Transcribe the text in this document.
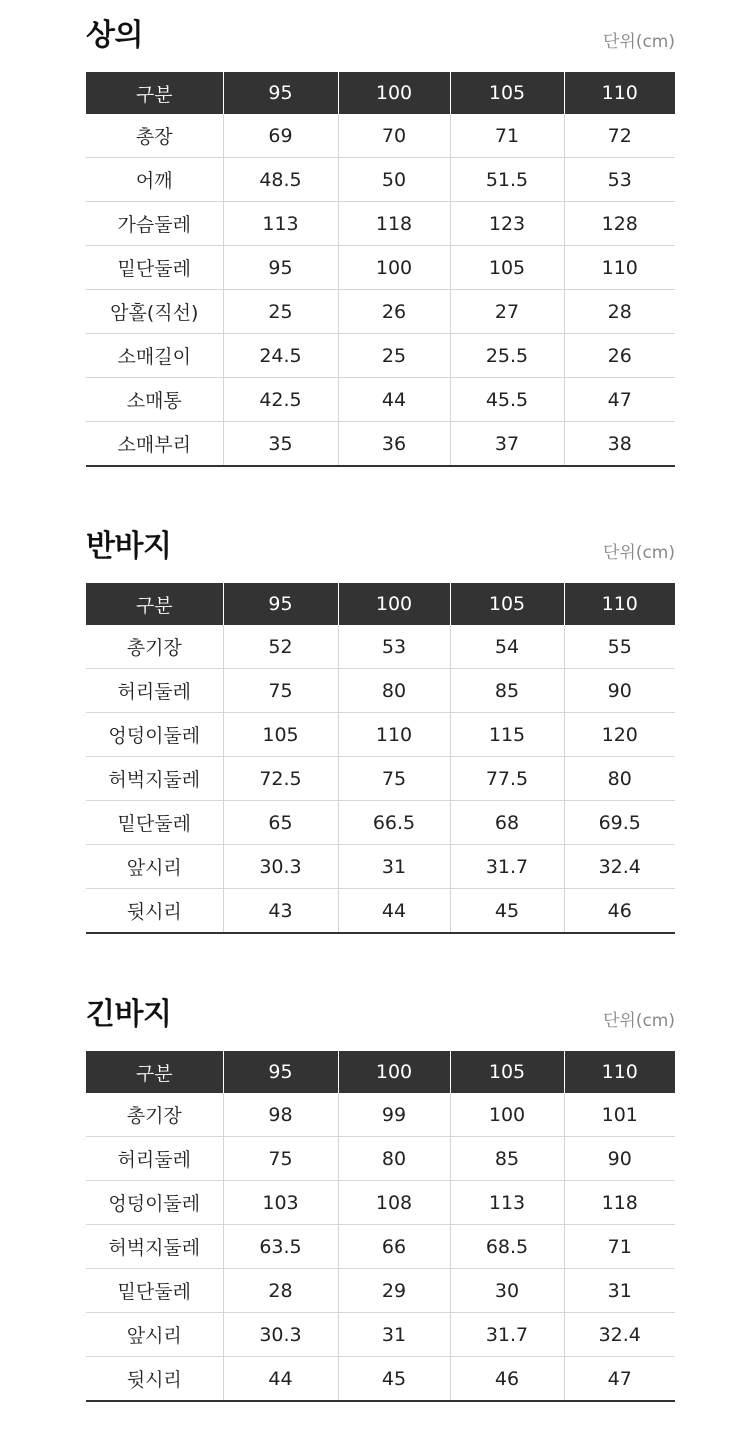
상의	단위(cm)
구분	95	100	105	110
총장	69	70	71	72
어깨	48.5	50	51.5	53
가슴둘레	113	118	123	128
밑단둘레	95	100	105	110
암홀(직선)	25	26	27	28
소매길이	24.5	25	25.5	26
소매통	42.5	44	45.5	47
소매부리	35	36	37	38
반바지	단위(cm)
구분	95	100	105	110
총기장	52	53	54	55
허리둘레	75	80	85	90
엉덩이둘레	105	110	115	120
허벅지둘레	72.5	75	77.5	80
밑단둘레	65	66.5	68	69.5
앞시리	30.3	31	31.7	32.4
뒷시리	43	44	45	46
긴바지	단위(cm)
구분	95	100	105	110
총기장	98	99	100	101
허리둘레	75	80	85	90
엉덩이둘레	103	108	113	118
허벅지둘레	63.5	66	68.5	71
밑단둘레	28	29	30	31
앞시리	30.3	31	31.7	32.4
뒷시리	44	45	46	47
